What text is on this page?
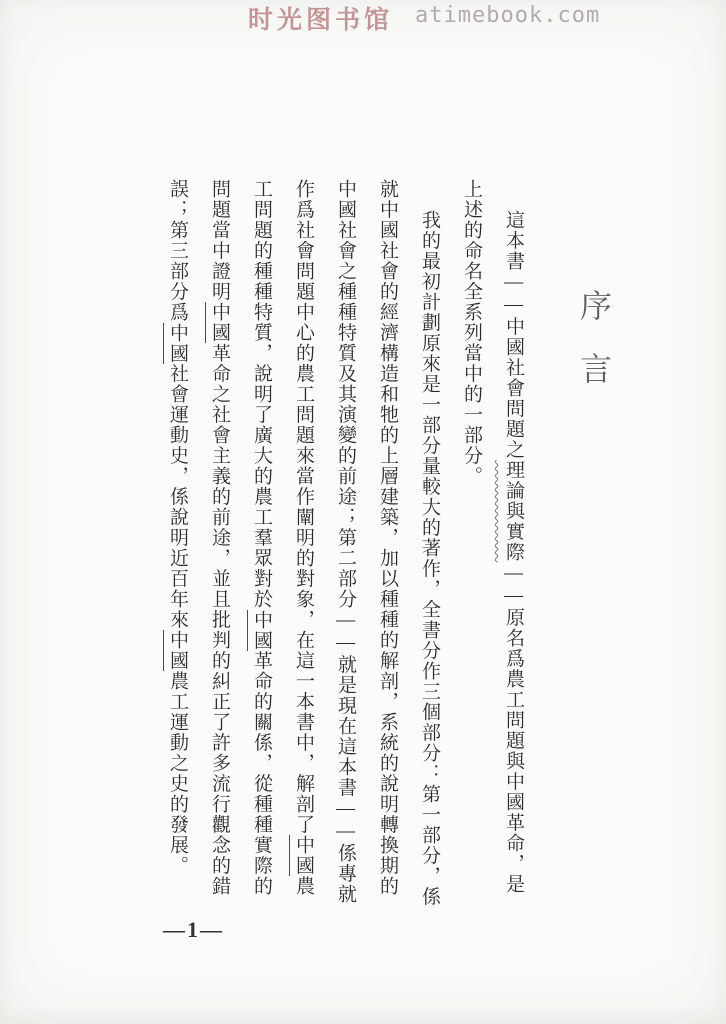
时光图书馆 atimebook.com
序言

這本書——中國社會問題之理論與實際——原名爲農工問題與中國革命，是上述的命名全系列當中的一部分。

我的最初計劃原來是一部分量較大的著作，全書分作三個部分：第一部分，係就中國社會的經濟構造和牠的上層建築，加以種種的解剖，系統的說明轉換期的中國社會之種種特質及其演變的前途；第二部分——就是現在這本書——係專就作爲社會問題中心的農工問題來當作闡明的對象，在這一本書中，解剖了中國農工問題的種種特質，說明了廣大的農工羣眾對於中國革命的關係，從種種實際的問題當中證明中國革命之社會主義的前途，並且批判的糾正了許多流行觀念的錯誤；第三部分爲中國社會運動史，係說明近百年來中國農工運動之史的發展。

—1—
